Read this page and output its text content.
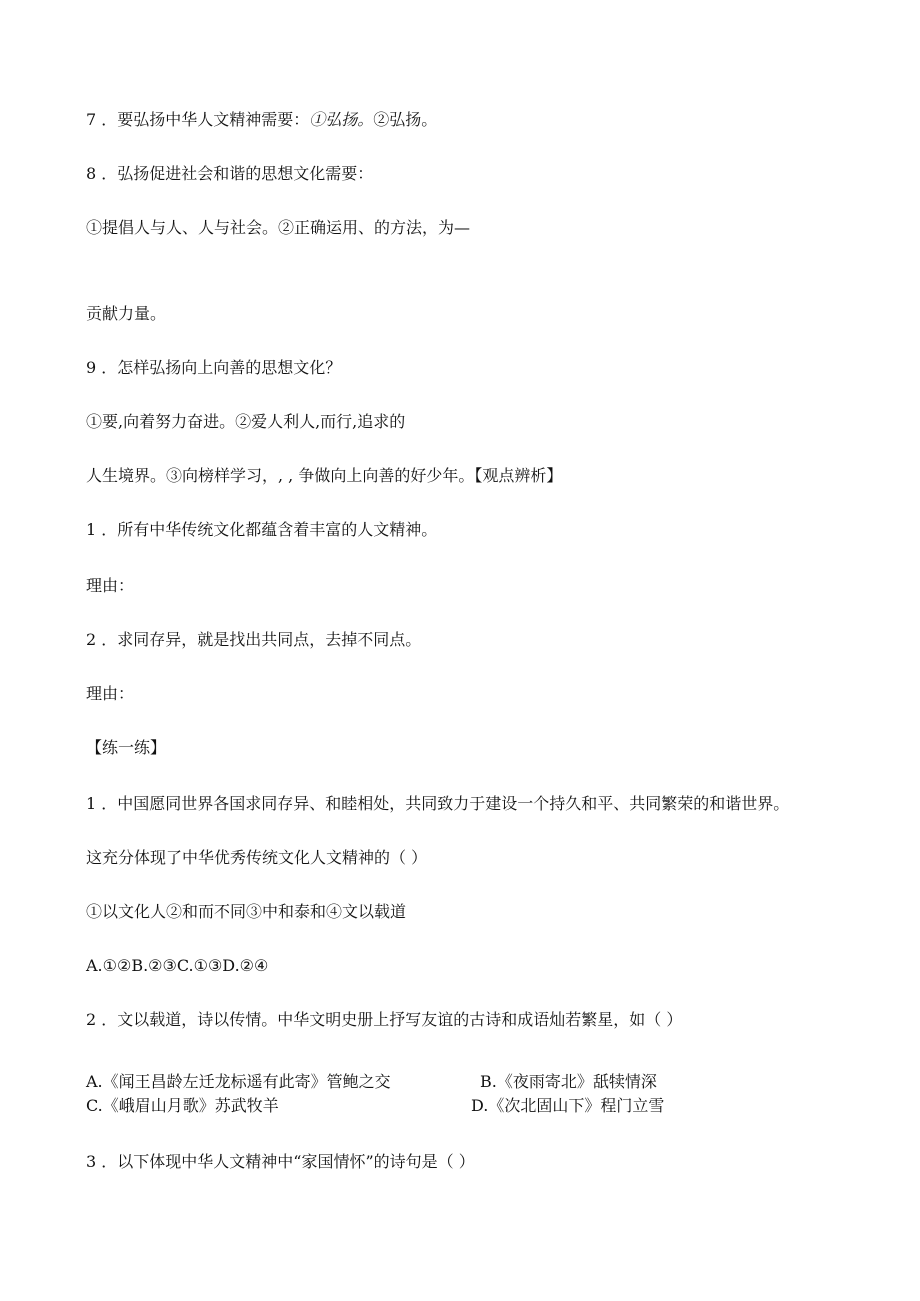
7 ．要弘扬中华人文精神需要：①弘扬。②弘扬。
8 ．弘扬促进社会和谐的思想文化需要：
①提倡人与人、人与社会。②正确运用、的方法，为—
贡献力量。
9 ．怎样弘扬向上向善的思想文化？
①要,向着努力奋进。②爱人利人,而行,追求的
人生境界。③向榜样学习，, , 争做向上向善的好少年。【观点辨析】
1 ．所有中华传统文化都蕴含着丰富的人文精神。
理由：
2 ．求同存异，就是找出共同点，去掉不同点。
理由：
【练一练】
1 ．中国愿同世界各国求同存异、和睦相处，共同致力于建设一个持久和平、共同繁荣的和谐世界。
这充分体现了中华优秀传统文化人文精神的（ ）
①以文化人②和而不同③中和泰和④文以载道
A.①②B.②③C.①③D.②④
2 ．文以载道，诗以传情。中华文明史册上抒写友谊的古诗和成语灿若繁星，如（ ）
A.《闻王昌龄左迁龙标遥有此寄》管鲍之交	B.《夜雨寄北》舐犊情深
C.《峨眉山月歌》苏武牧羊	D.《次北固山下》程门立雪
3 ．以下体现中华人文精神中“家国情怀”的诗句是（ ）
